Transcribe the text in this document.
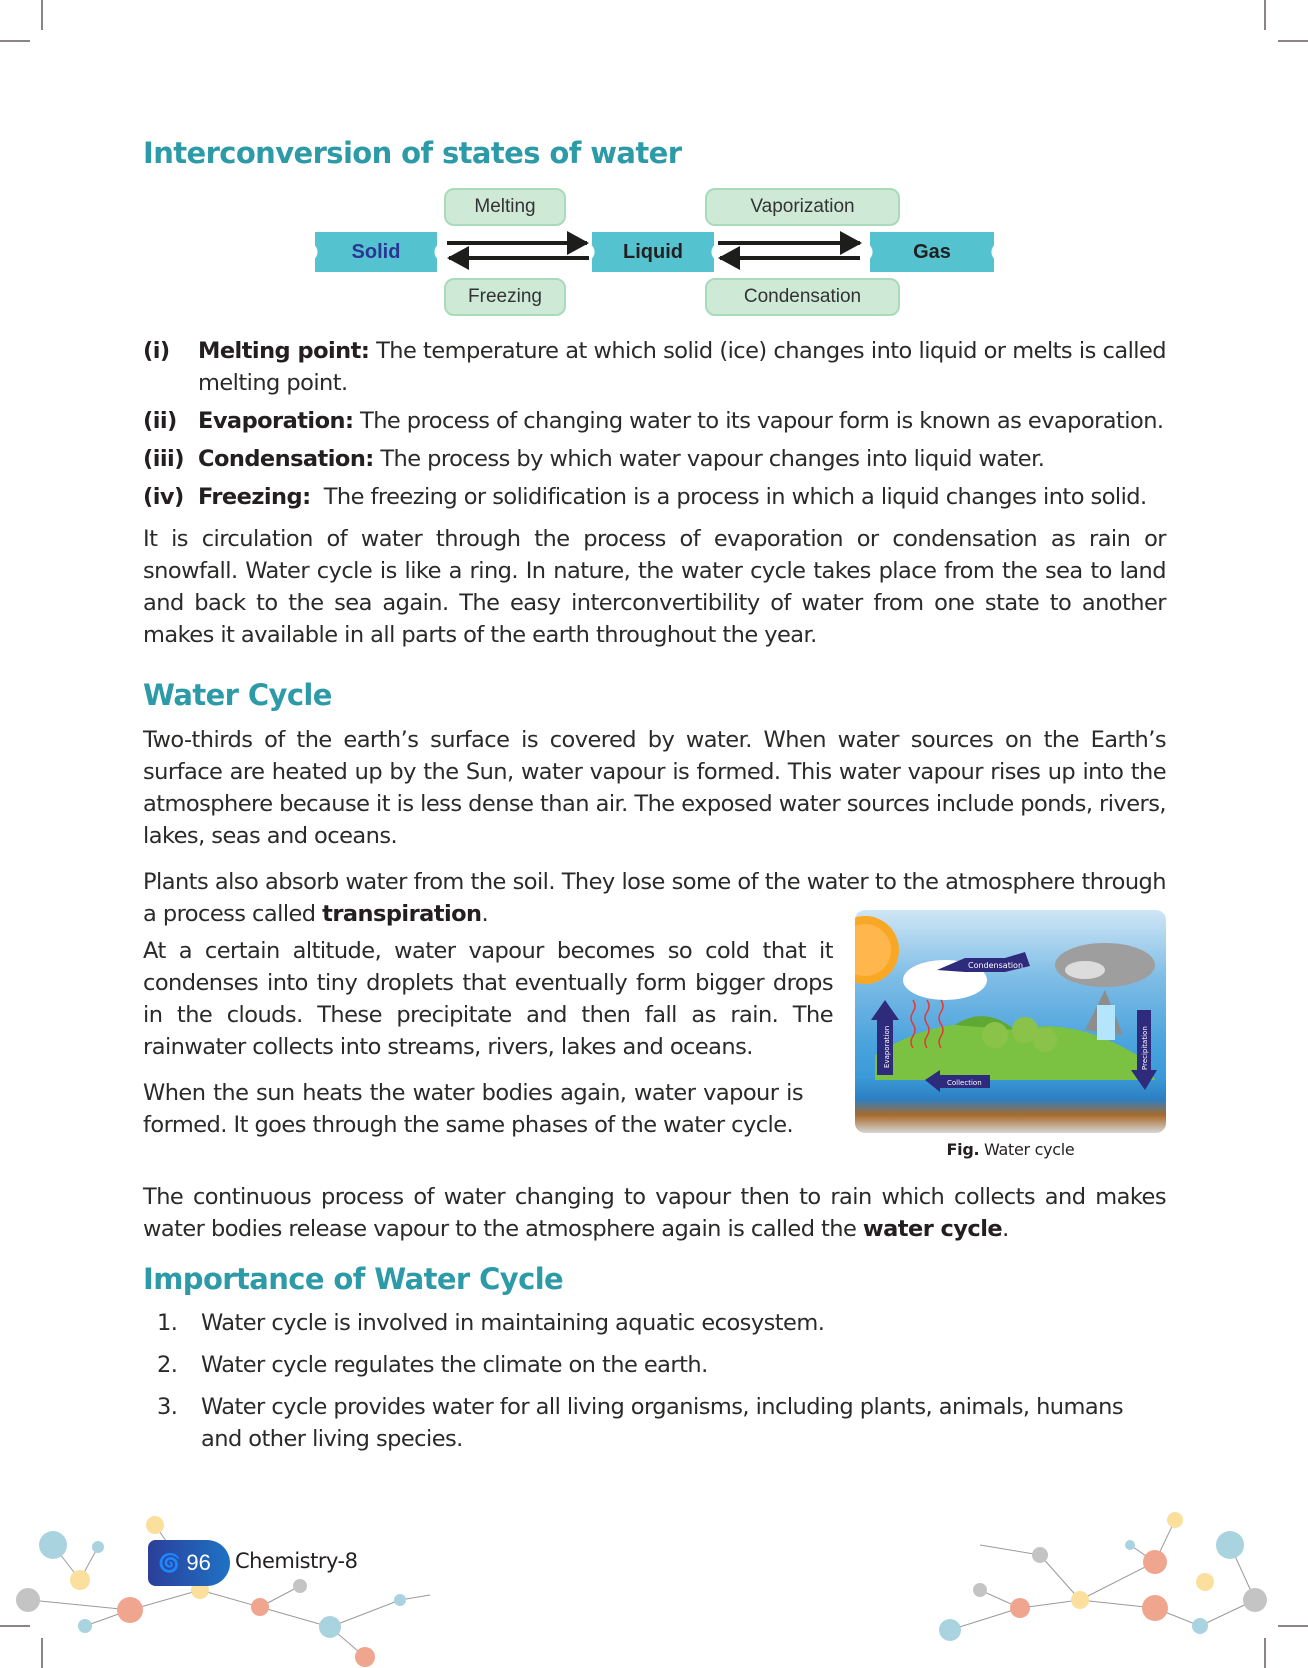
Interconversion of states of water
Melting
Freezing
Vaporization
Condensation
Solid	Liquid	Gas
(i) Melting point: The temperature at which solid (ice) changes into liquid or melts is called melting point.
(ii) Evaporation: The process of changing water to its vapour form is known as evaporation.
(iii) Condensation: The process by which water vapour changes into liquid water.
(iv) Freezing:  The freezing or solidification is a process in which a liquid changes into solid.
It is circulation of water through the process of evaporation or condensation as rain or snowfall. Water cycle is like a ring. In nature, the water cycle takes place from the sea to land and back to the sea again. The easy interconvertibility of water from one state to another makes it available in all parts of the earth throughout the year.
Water Cycle
Two-thirds of the earth’s surface is covered by water. When water sources on the Earth’s surface are heated up by the Sun, water vapour is formed. This water vapour rises up into the atmosphere because it is less dense than air. The exposed water sources include ponds, rivers, lakes, seas and oceans.
Plants also absorb water from the soil. They lose some of the water to the atmosphere through a process called transpiration.
At a certain altitude, water vapour becomes so cold that it condenses into tiny droplets that eventually form bigger drops in the clouds. These precipitate and then fall as rain. The rainwater collects into streams, rivers, lakes and oceans.
When the sun heats the water bodies again, water vapour is formed. It goes through the same phases of the water cycle.
Condensation
Evaporation	Precipitation
Collection
Fig. Water cycle
The continuous process of water changing to vapour then to rain which collects and makes water bodies release vapour to the atmosphere again is called the water cycle.
Importance of Water Cycle
1. Water cycle is involved in maintaining aquatic ecosystem.
2. Water cycle regulates the climate on the earth.
3. Water cycle provides water for all living organisms, including plants, animals, humans and other living species.
🌀 96 Chemistry-8
